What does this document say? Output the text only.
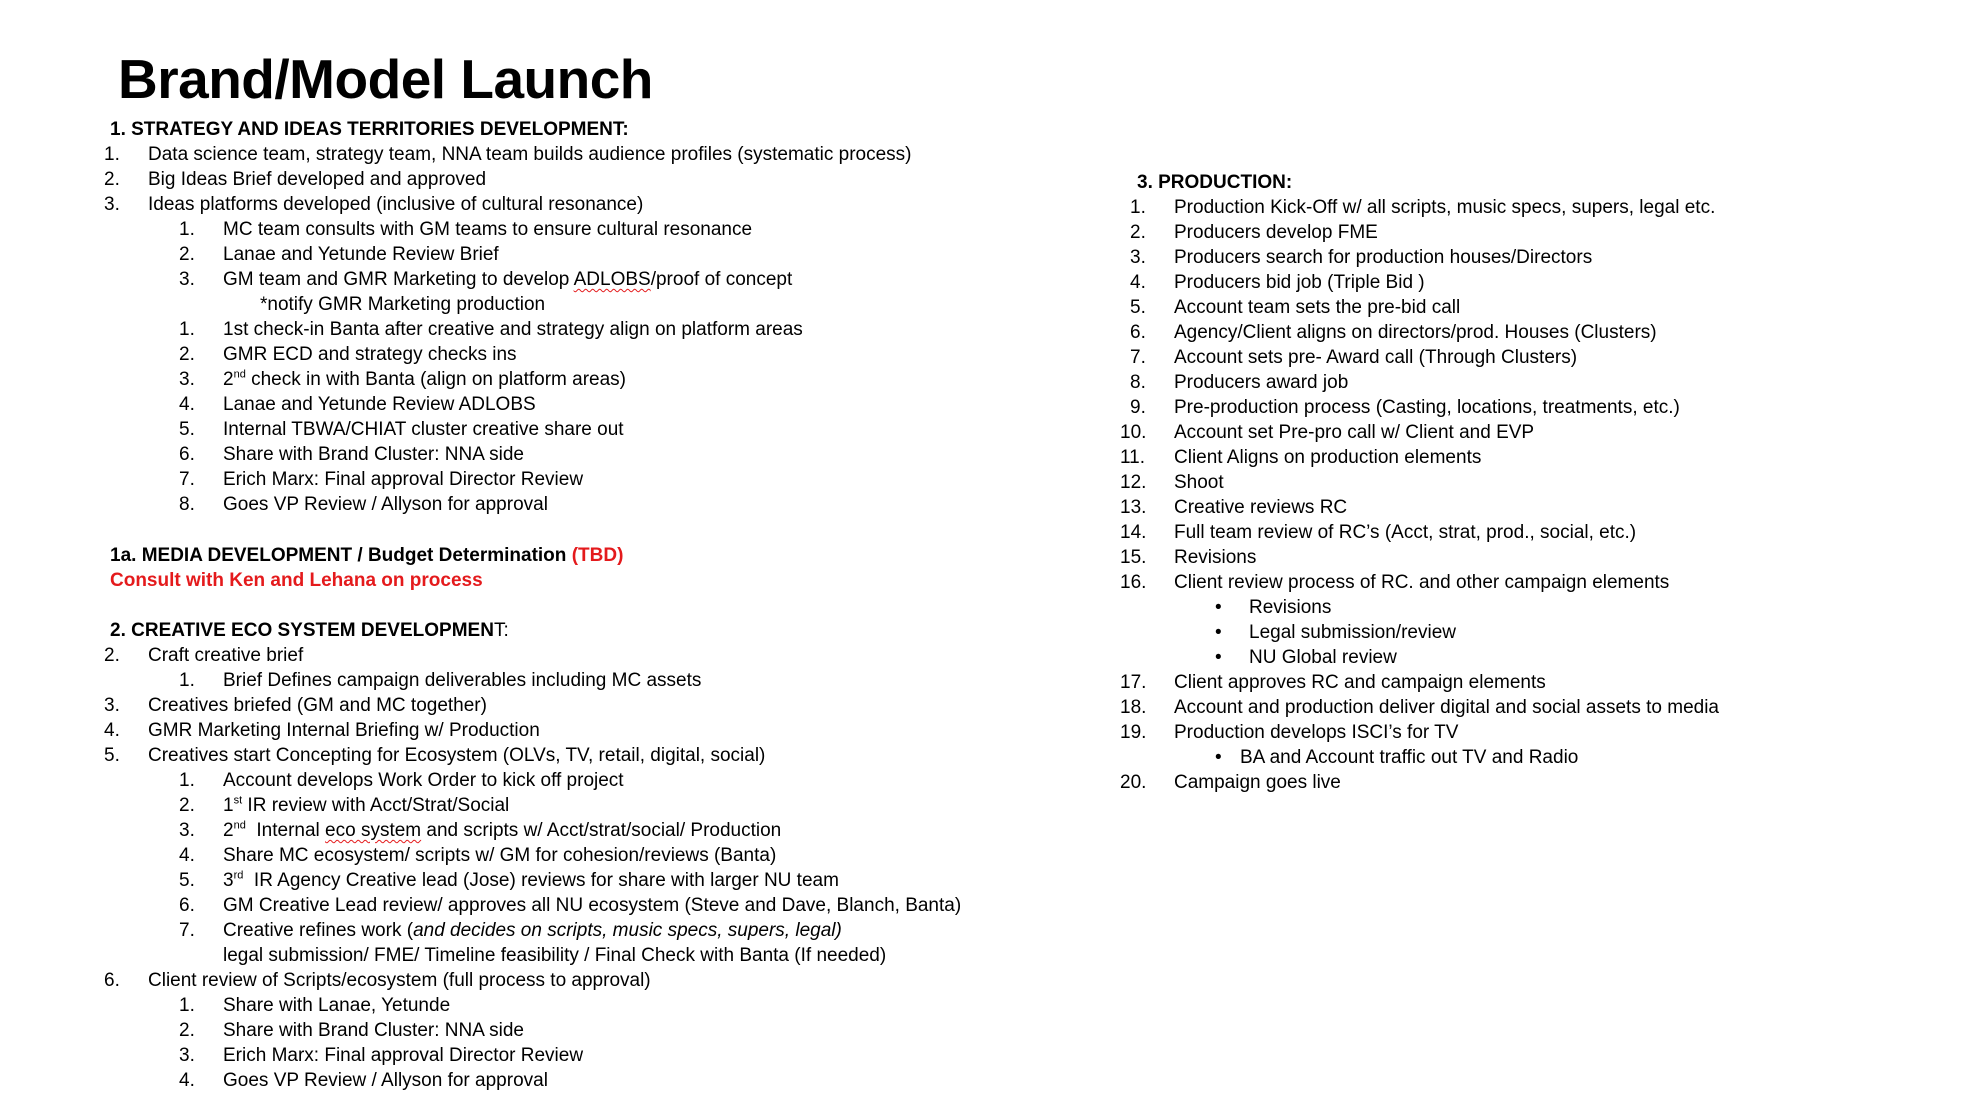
Brand/Model Launch
1. STRATEGY AND IDEAS TERRITORIES DEVELOPMENT:
1. Data science team, strategy team, NNA team builds audience profiles (systematic process)
2. Big Ideas Brief developed and approved
3. Ideas platforms developed (inclusive of cultural resonance)
1. MC team consults with GM teams to ensure cultural resonance
2. Lanae and Yetunde Review Brief
3. GM team and GMR Marketing to develop ADLOBS/proof of concept
*notify GMR Marketing production
1. 1st check-in Banta after creative and strategy align on platform areas
2. GMR ECD and strategy checks ins
3. 2nd check in with Banta (align on platform areas)
4. Lanae and Yetunde Review ADLOBS
5. Internal TBWA/CHIAT cluster creative share out
6. Share with Brand Cluster: NNA side
7. Erich Marx: Final approval Director Review
8. Goes VP Review / Allyson for approval
1a. MEDIA DEVELOPMENT / Budget Determination (TBD)
Consult with Ken and Lehana on process
2. CREATIVE ECO SYSTEM DEVELOPMENT:
2. Craft creative brief
1. Brief Defines campaign deliverables including MC assets
3. Creatives briefed (GM and MC together)
4. GMR Marketing Internal Briefing w/ Production
5. Creatives start Concepting for Ecosystem (OLVs, TV, retail, digital, social)
1. Account develops Work Order to kick off project
2. 1st IR review with Acct/Strat/Social
3. 2nd  Internal eco system and scripts w/ Acct/strat/social/ Production
4. Share MC ecosystem/ scripts w/ GM for cohesion/reviews (Banta)
5. 3rd  IR Agency Creative lead (Jose) reviews for share with larger NU team
6. GM Creative Lead review/ approves all NU ecosystem (Steve and Dave, Blanch, Banta)
7. Creative refines work (and decides on scripts, music specs, supers, legal)
legal submission/ FME/ Timeline feasibility / Final Check with Banta (If needed)
6. Client review of Scripts/ecosystem (full process to approval)
1. Share with Lanae, Yetunde
2. Share with Brand Cluster: NNA side
3. Erich Marx: Final approval Director Review
4. Goes VP Review / Allyson for approval
3. PRODUCTION:
1. Production Kick-Off w/ all scripts, music specs, supers, legal etc.
2. Producers develop FME
3. Producers search for production houses/Directors
4. Producers bid job (Triple Bid )
5. Account team sets the pre-bid call
6. Agency/Client aligns on directors/prod. Houses (Clusters)
7. Account sets pre- Award call (Through Clusters)
8. Producers award job
9. Pre-production process (Casting, locations, treatments, etc.)
10. Account set Pre-pro call w/ Client and EVP
11. Client Aligns on production elements
12. Shoot
13. Creative reviews RC
14. Full team review of RC’s (Acct, strat, prod., social, etc.)
15. Revisions
16. Client review process of RC. and other campaign elements
• Revisions
• Legal submission/review
• NU Global review
17. Client approves RC and campaign elements
18. Account and production deliver digital and social assets to media
19. Production develops ISCI’s for TV
• BA and Account traffic out TV and Radio
20. Campaign goes live
